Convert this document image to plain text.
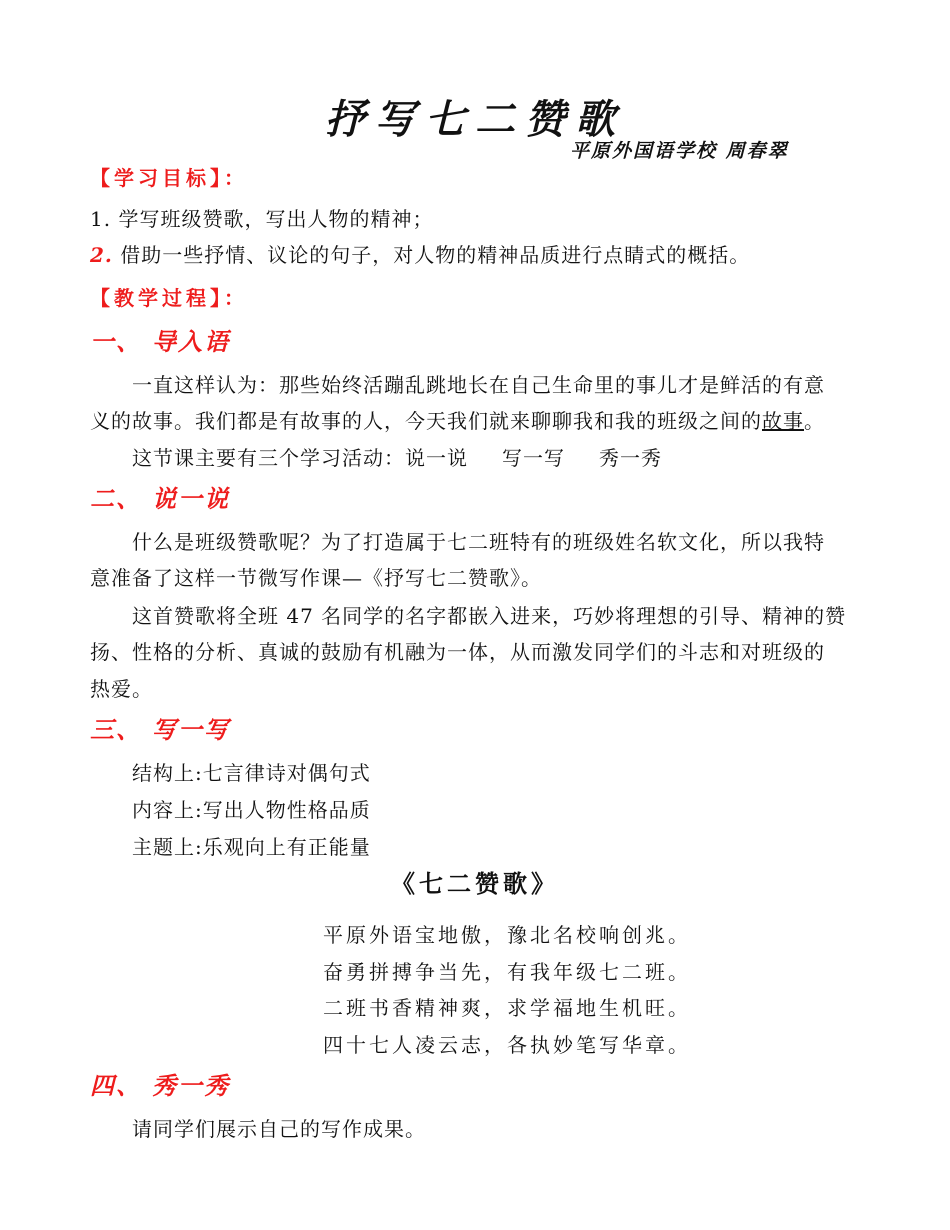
抒写七二赞歌
平原外国语学校 周春翠
【学习目标】：
1. 学写班级赞歌，写出人物的精神；
2. 借助一些抒情、议论的句子，对人物的精神品质进行点睛式的概括。
【教学过程】：
一、 导入语
一直这样认为：那些始终活蹦乱跳地长在自己生命里的事儿才是鲜活的有意
义的故事。我们都是有故事的人，今天我们就来聊聊我和我的班级之间的故事。
这节课主要有三个学习活动：说一说 写一写 秀一秀
二、 说一说
什么是班级赞歌呢？为了打造属于七二班特有的班级姓名软文化，所以我特
意准备了这样一节微写作课—《抒写七二赞歌》。
这首赞歌将全班 47 名同学的名字都嵌入进来，巧妙将理想的引导、精神的赞
扬、性格的分析、真诚的鼓励有机融为一体，从而激发同学们的斗志和对班级的
热爱。
三、 写一写
结构上:七言律诗对偶句式
内容上:写出人物性格品质
主题上:乐观向上有正能量
《七二赞歌》
平原外语宝地傲，豫北名校响创兆。
奋勇拼搏争当先，有我年级七二班。
二班书香精神爽，求学福地生机旺。
四十七人凌云志，各执妙笔写华章。
四、 秀一秀
请同学们展示自己的写作成果。
